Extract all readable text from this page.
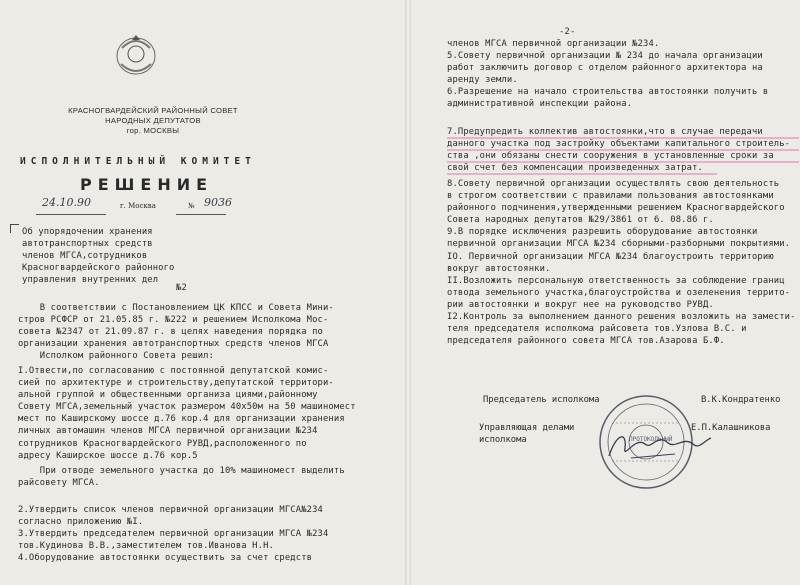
КРАСНОГВАРДЕЙСКИЙ РАЙОННЫЙ СОВЕТ
НАРОДНЫХ ДЕПУТАТОВ
гор. МОСКВЫ
ИСПОЛНИТЕЛЬНЫЙ КОМИТЕТ
РЕШЕНИЕ
24.10.90	г. Москва	№ 9036
Об упорядочении хранения
автотранспортных средств
членов МГСА,сотрудников
Красногвардейского районного
управления внутренних дел
№2
В соответствии с Постановлением ЦК КПСС и Совета Мини-
стров РСФСР от 21.05.85 г. №222 и решением Исполкома Мос-
совета №2347 от 21.09.87 г. в целях наведения порядка по
организации хранения автотранспортных средств членов МГСА
Исполком районного Совета решил:
I.Отвести,по согласованию с постоянной депутатской комис-
сией по архитектуре и строительству,депутатской территори-
альной группой и общественными организа циями,районному
Совету МГСА,земельный участок размером 40х50м на 50 машиномест
мест по Каширскому шоссе д.76 кор.4 для организации хранения
личных автомашин членов МГСА первичной организации №234
сотрудников Красногвардейского РУВД,расположенного по
адресу Каширское шоссе д.76 кор.5
При отводе земельного участка до 10% машиномест выделить
райсовету МГСА.
2.Утвердить список членов первичной организации МГСА№234
согласно приложению №I.
3.Утвердить председателем первичной организации МГСА №234
тов.Кудинова В.В.,заместителем тов.Иванова Н.Н.
4.Оборудование автостоянки осуществить за счет средств
-2-
членов МГСА первичной организации №234.
5.Совету первичной организации № 234 до начала организации
работ заключить договор с отделом районного архитектора на
аренду земли.
6.Разрешение на начало строительства автостоянки получить в
административной инспекции района.
7.Предупредить коллектив автостоянки,что в случае передачи
данного участка под застройку объектами капитального строитель-
ства ,они обязаны снести сооружения в установленные сроки за
свой счет без компенсации произведенных затрат.
8.Совету первичной организации осуществлять свою деятельность
в строгом соответствии с правилами пользования автостоянками
районного подчинения,утвержденными решением Красногвардейского
Совета народных депутатов №29/3861 от 6. 08.86 г.
9.В порядке исключения разрешить оборудование автостоянки
первичной организации МГСА №234 сборными-разборными покрытиями.
IO. Первичной организации МГСА №234 благоустроить территорию
вокруг автостоянки.
II.Возложить персональную ответственность за соблюдение границ
отвода земельного участка,благоустройства и озеленения террито-
рии автостоянки и вокруг нее на руководство РУВД.
I2.Контроль за выполнением данного решения возложить на замести-
теля председателя исполкома райсовета тов.Узлова В.С. и
председателя районного совета МГСА тов.Азарова Б.Ф.
Председатель исполкома	В.К.Кондратенко
Управляющая делами
исполкома
Е.П.Калашникова
ПРОТОКОЛЬНЫЙ
